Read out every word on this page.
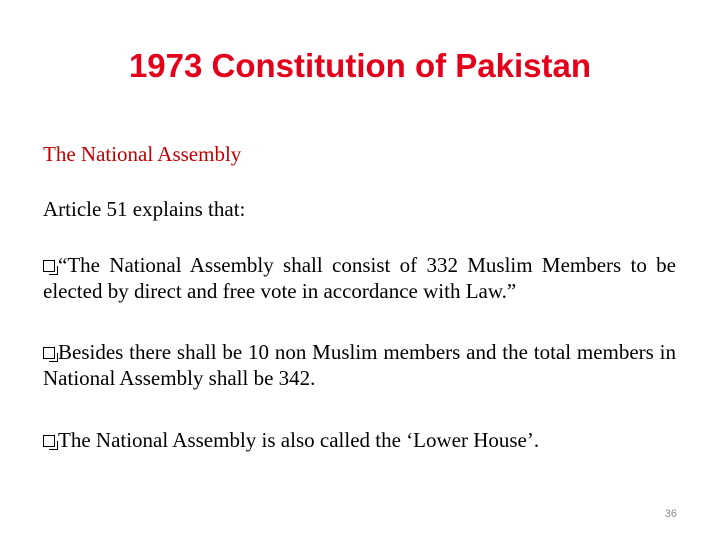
1973 Constitution of Pakistan

The National Assembly

Article 51 explains that:

“The National Assembly shall consist of 332 Muslim Members to be elected by direct and free vote in accordance with Law.”

Besides there shall be 10 non Muslim members and the total members in National Assembly shall be 342.

The National Assembly is also called the ‘Lower House’.

36
